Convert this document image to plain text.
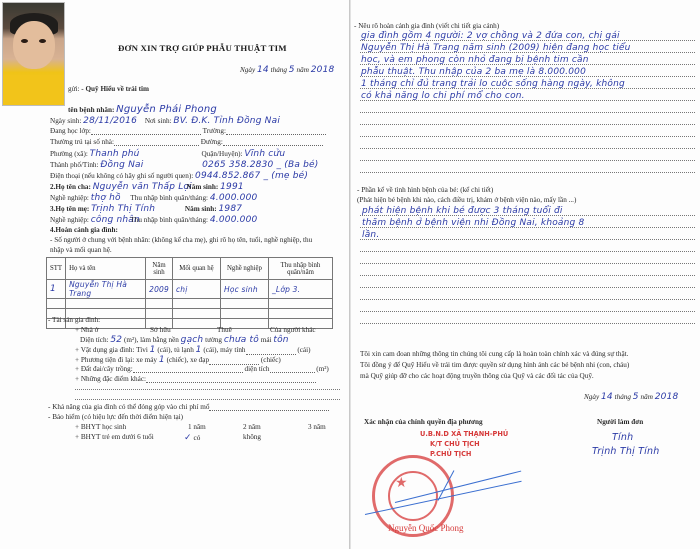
ĐƠN XIN TRỢ GIÚP PHẪU THUẬT TIM
Ngày 14 tháng 5 năm 2018
gửi: - Quỹ Hiểu về trái tim
tên bệnh nhân: Nguyễn Phái Phong
Ngày sinh: 28/11/2016 Nơi sinh: BV. Đ.K. Tỉnh Đồng Nai
Đang học lớp:	Trường:
Thường trú tại số nhà:	Đường:
Phường (xã): Thanh phú	Quận/Huyện): Vĩnh cửu
Thành phố/Tỉnh: Đồng Nai	0265 358.2830 _ (Ba bé)
Điện thoại (nếu không có hãy ghi số người quen): 0944.852.867 _ (mẹ bé)
2.Họ tên cha: Nguyễn văn Thấp Lợi Năm sinh: 1991
Nghề nghiệp: thợ hồ Thu nhập bình quân/tháng: 4.000.000
3.Họ tên mẹ: Trịnh Thị Tính	Năm sinh: 1987
Nghề nghiệp: công nhân Thu nhập bình quân/tháng: 4.000.000
4.Hoàn cảnh gia đình:
- Số người ở chung với bệnh nhân: (không kể cha mẹ), ghi rõ họ tên, tuổi, nghề nghiệp, thu
nhập và mối quan hệ.
STT	Họ và tên	Năm sinh	Mối quan hệ	Nghề nghiệp	Thu nhập bình quân/năm
1	Nguyễn Thị Hà Trang	2009	chị	Học sinh	_Lớp 3.

- Tài sản gia đình:
+ Nhà ở	Sở hữu	Thuê	Của người khác
Diện tích: 52 (m²), làm bằng nền gạch tường chưa tô mái tôn
+ Vật dụng gia đình: Tivi 1 (cái), tủ lạnh 1 (cái), máy tính	(cái)
+ Phương tiện đi lại: xe máy 1 (chiếc), xe đạp	(chiếc)
+ Đất đai/cây trồng:	diện tích	(m²)
+ Những đặc điểm khác:
- Khả năng của gia đình có thể đóng góp vào chi phí mổ
- Bảo hiểm (có hiệu lực đến thời điểm hiện tại)
+ BHYT học sinh	1 năm	2 năm	3 năm
+ BHYT trẻ em dưới 6 tuổi	✓ có	không
- Nêu rõ hoàn cảnh gia đình (viết chi tiết gia cảnh)
gia đình gồm 4 người: 2 vợ chồng và 2 đứa con, chị gái
Nguyễn Thị Hà Trang năm sinh (2009) hiện đang học tiểu
học, và em phong còn nhỏ đang bị bệnh tim cần
phẫu thuật. Thu nhập của 2 ba mẹ là 8.000.000
1 tháng chỉ đủ trang trải lo cuộc sống hàng ngày, không
có khả năng lo chi phí mổ cho con.
- Phần kể về tình hình bệnh của bé: (kể chi tiết)
(Phát hiện bé bệnh khi nào, cách điều trị, khám ở bệnh viện nào, mấy lần ...)
phát hiện bệnh khi bé được 3 tháng tuổi đi
thăm bệnh ở bệnh viện nhi Đồng Nai, khoảng 8
lần.
Tôi xin cam đoan những thông tin chúng tôi cung cấp là hoàn toàn chính xác và đúng sự thật.
Tôi đồng ý để Quỹ Hiểu về trái tim được quyền sử dụng hình ảnh các bé bệnh nhi (con, cháu)
mà Quỹ giúp đỡ cho các hoạt động truyền thông của Quỹ và các đối tác của Quỹ.
Ngày 14 tháng 5 năm 2018
Xác nhận của chính quyền địa phương	Người làm đơn
U.B.N.D XÃ THẠNH-PHÚ
K/T CHỦ TỊCH
P.CHỦ TỊCH
★
Nguyễn Quốc Phong
Tính
Trịnh Thị Tính
